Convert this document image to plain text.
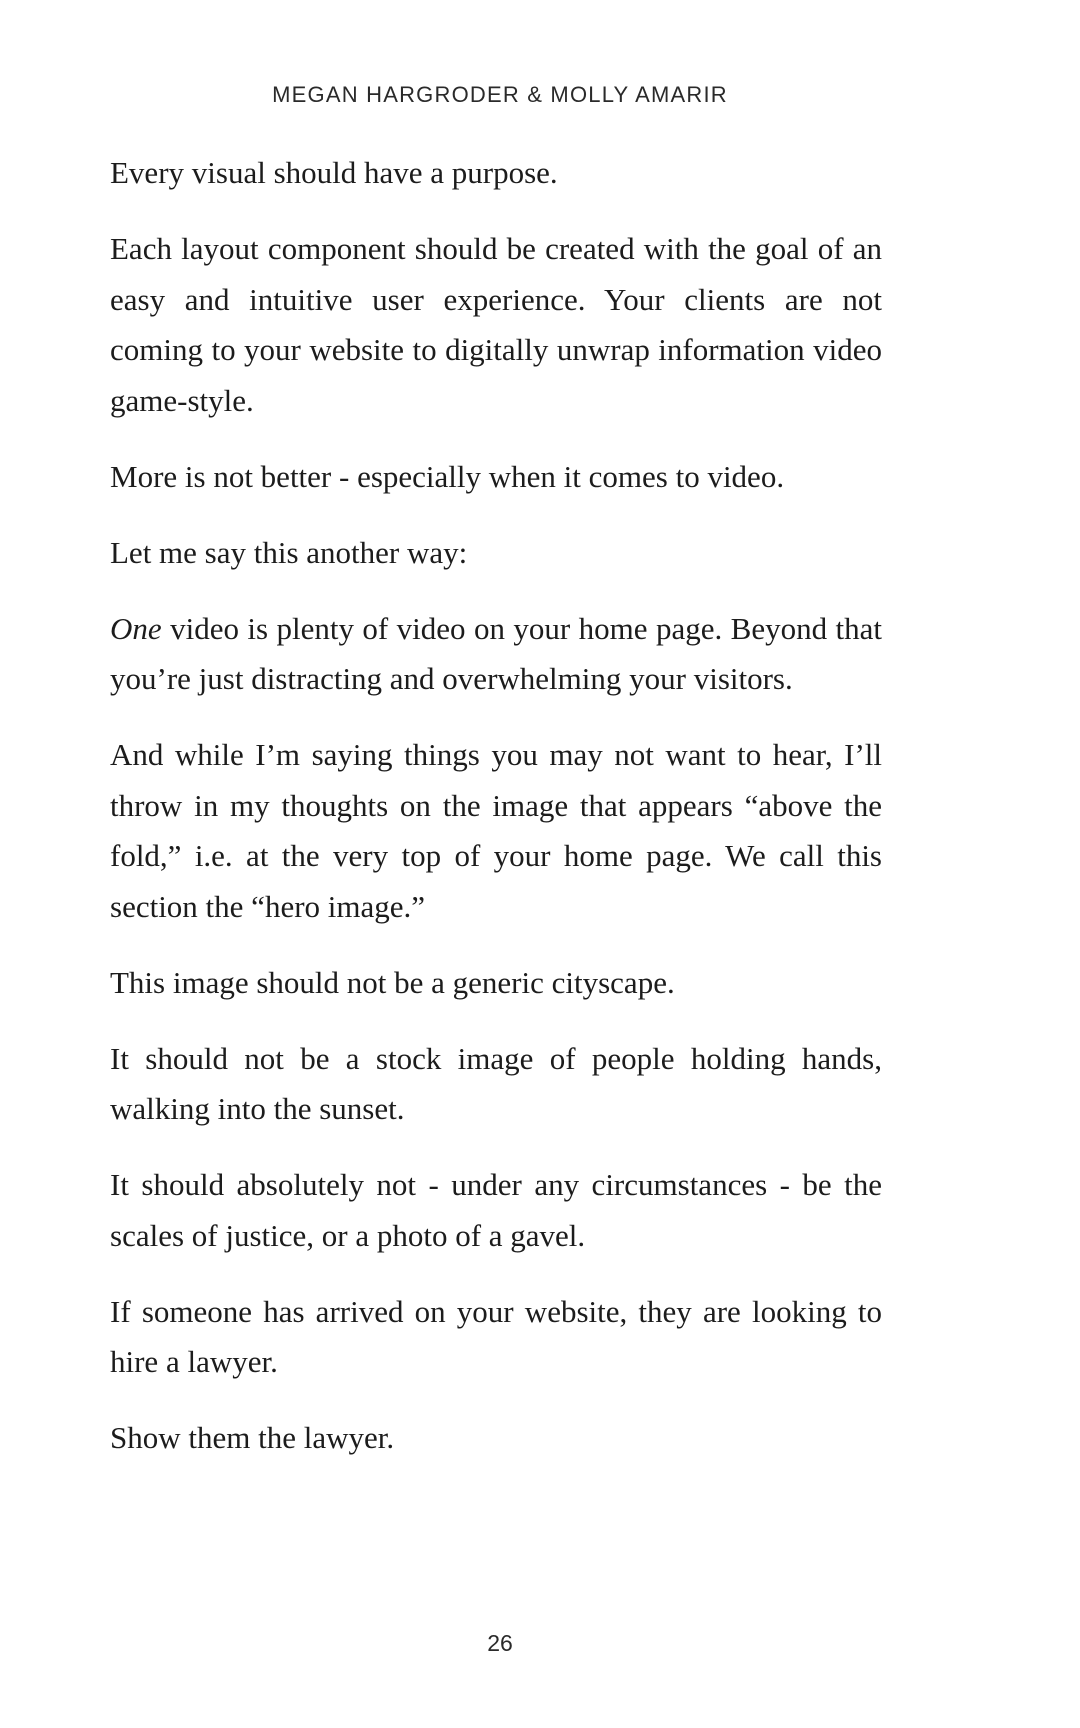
MEGAN HARGRODER & MOLLY AMARIR

Every visual should have a purpose.

Each layout component should be created with the goal of an easy and intuitive user experience. Your clients are not coming to your website to digitally unwrap information video game-style.

More is not better - especially when it comes to video.

Let me say this another way:

One video is plenty of video on your home page. Beyond that you’re just distracting and overwhelming your visitors.

And while I’m saying things you may not want to hear, I’ll throw in my thoughts on the image that appears “above the fold,” i.e. at the very top of your home page. We call this section the “hero image.”

This image should not be a generic cityscape.

It should not be a stock image of people holding hands, walking into the sunset.

It should absolutely not - under any circumstances - be the scales of justice, or a photo of a gavel.

If someone has arrived on your website, they are looking to hire a lawyer.

Show them the lawyer.

26
